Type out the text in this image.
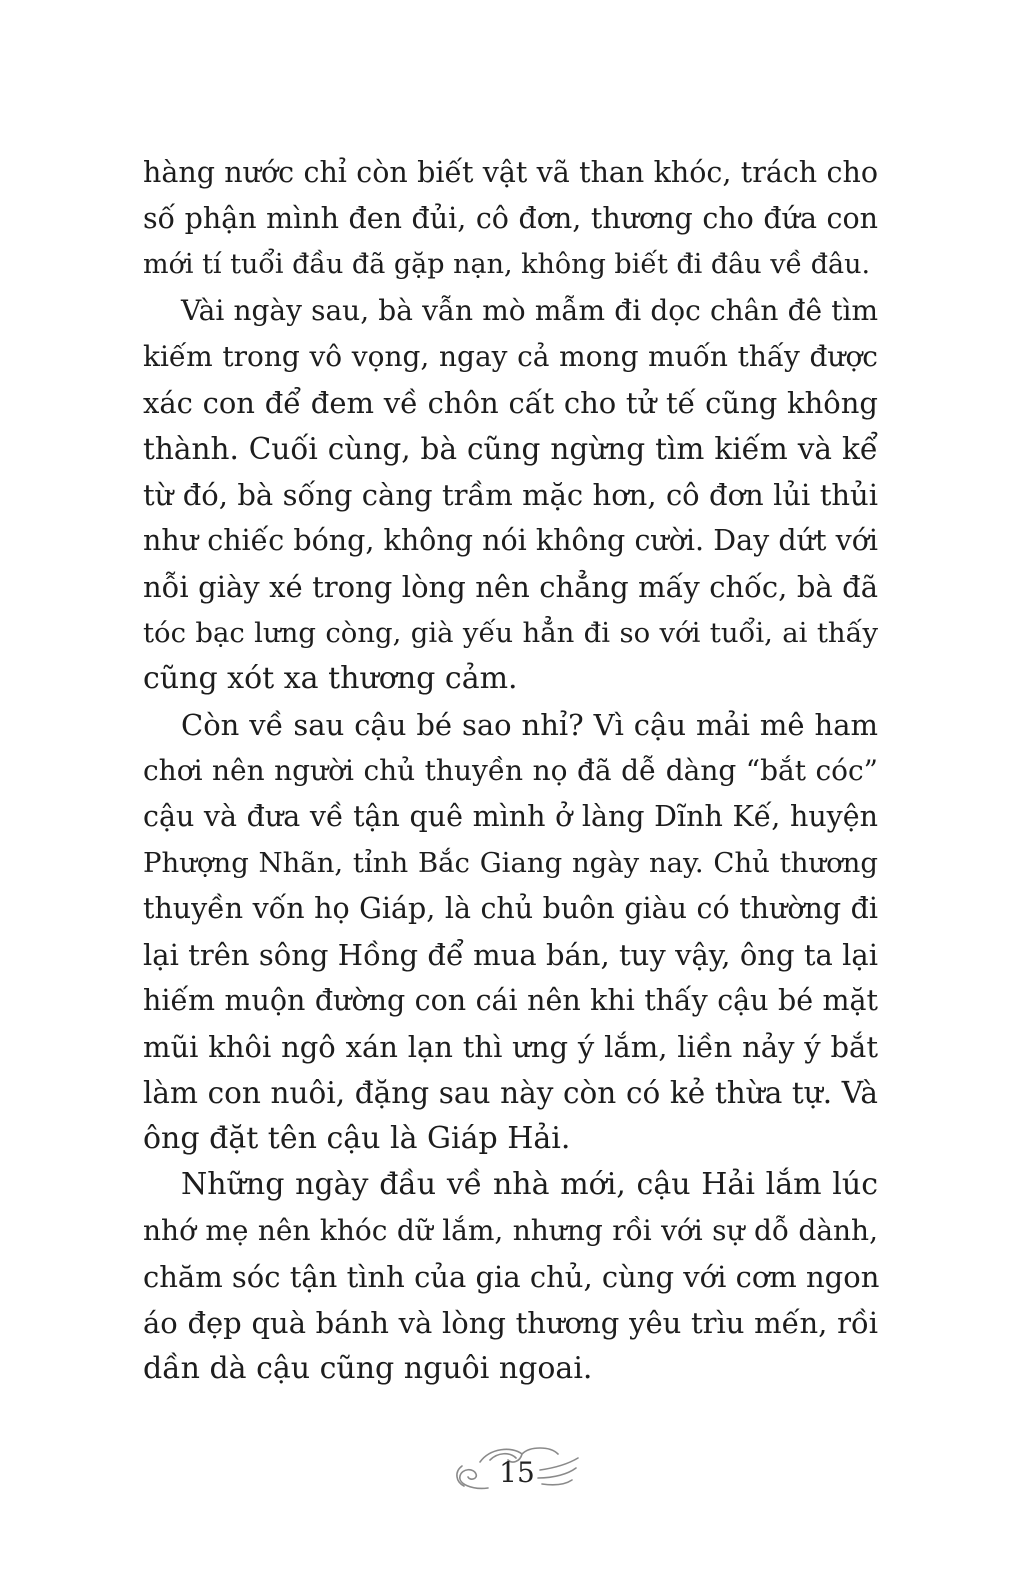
hàng nước chỉ còn biết vật vã than khóc, trách cho
số phận mình đen đủi, cô đơn, thương cho đứa con
mới tí tuổi đầu đã gặp nạn, không biết đi đâu về đâu.
Vài ngày sau, bà vẫn mò mẫm đi dọc chân đê tìm
kiếm trong vô vọng, ngay cả mong muốn thấy được
xác con để đem về chôn cất cho tử tế cũng không
thành. Cuối cùng, bà cũng ngừng tìm kiếm và kể
từ đó, bà sống càng trầm mặc hơn, cô đơn lủi thủi
như chiếc bóng, không nói không cười. Day dứt với
nỗi giày xé trong lòng nên chẳng mấy chốc, bà đã
tóc bạc lưng còng, già yếu hẳn đi so với tuổi, ai thấy
cũng xót xa thương cảm.
Còn về sau cậu bé sao nhỉ? Vì cậu mải mê ham
chơi nên người chủ thuyền nọ đã dễ dàng “bắt cóc”
cậu và đưa về tận quê mình ở làng Dĩnh Kế, huyện
Phượng Nhãn, tỉnh Bắc Giang ngày nay. Chủ thương
thuyền vốn họ Giáp, là chủ buôn giàu có thường đi
lại trên sông Hồng để mua bán, tuy vậy, ông ta lại
hiếm muộn đường con cái nên khi thấy cậu bé mặt
mũi khôi ngô xán lạn thì ưng ý lắm, liền nảy ý bắt
làm con nuôi, đặng sau này còn có kẻ thừa tự. Và
ông đặt tên cậu là Giáp Hải.
Những ngày đầu về nhà mới, cậu Hải lắm lúc
nhớ mẹ nên khóc dữ lắm, nhưng rồi với sự dỗ dành,
chăm sóc tận tình của gia chủ, cùng với cơm ngon
áo đẹp quà bánh và lòng thương yêu trìu mến, rồi
dần dà cậu cũng nguôi ngoai.
15
